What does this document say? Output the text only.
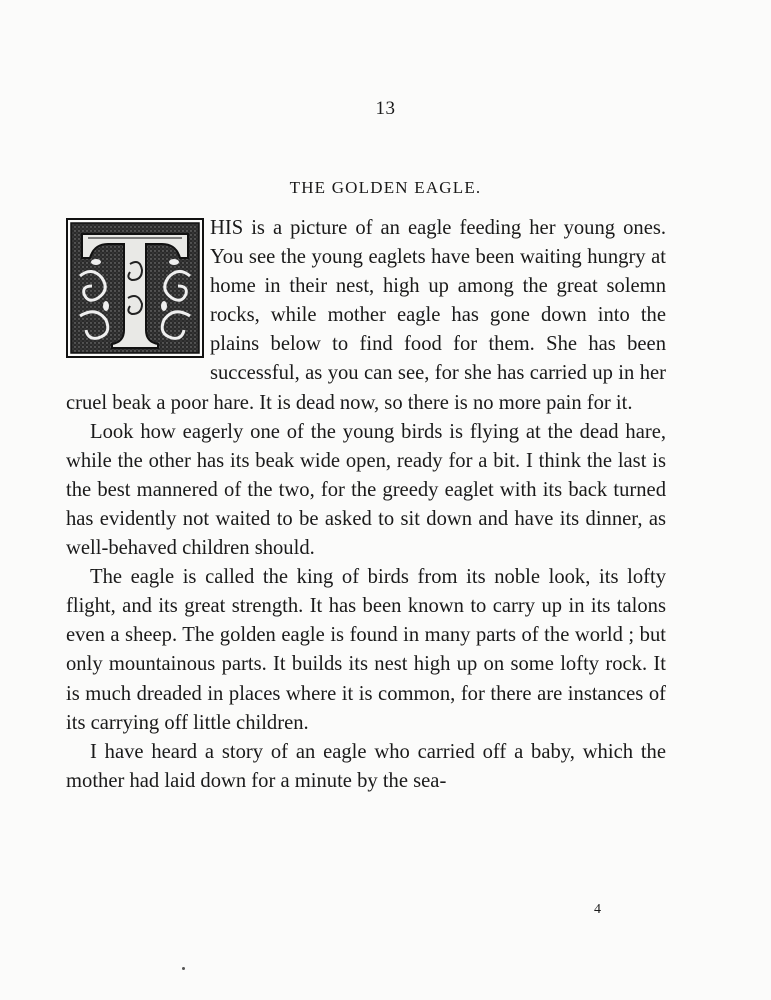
13
THE GOLDEN EAGLE.

HIS is a picture of an eagle feeding her young ones. You see the young eaglets have been waiting hungry at home in their nest, high up among the great solemn rocks, while mother eagle has gone down into the plains below to find food for them. She has been successful, as you can see, for she has carried up in her cruel beak a poor hare. It is dead now, so there is no more pain for it.

Look how eagerly one of the young birds is flying at the dead hare, while the other has its beak wide open, ready for a bit. I think the last is the best mannered of the two, for the greedy eaglet with its back turned has evidently not waited to be asked to sit down and have its dinner, as well-behaved children should.

The eagle is called the king of birds from its noble look, its lofty flight, and its great strength. It has been known to carry up in its talons even a sheep. The golden eagle is found in many parts of the world ; but only mountainous parts. It builds its nest high up on some lofty rock. It is much dreaded in places where it is common, for there are instances of its carrying off little children.

I have heard a story of an eagle who carried off a baby, which the mother had laid down for a minute by the sea-

4
